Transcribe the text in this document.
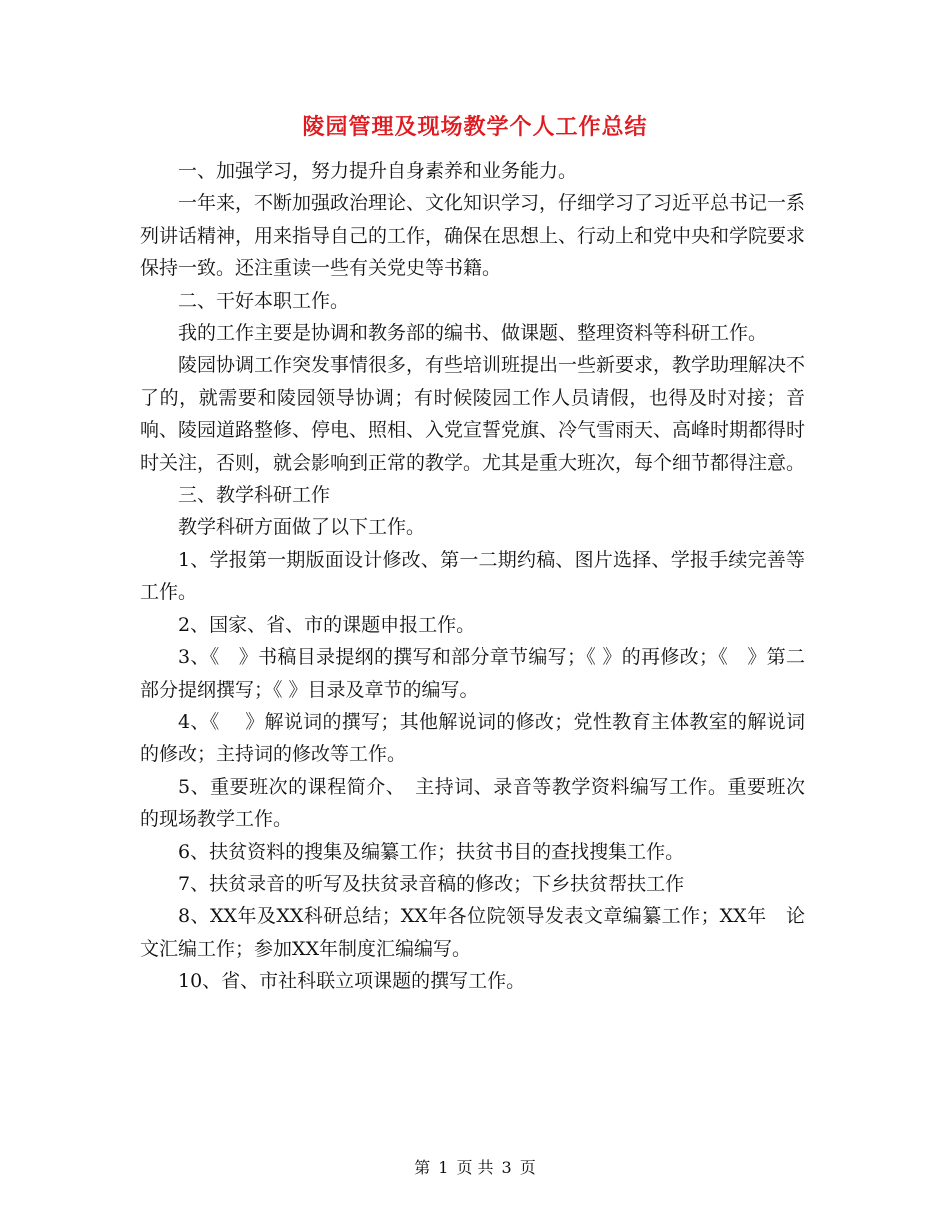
陵园管理及现场教学个人工作总结

一、加强学习，努力提升自身素养和业务能力。

一年来，不断加强政治理论、文化知识学习，仔细学习了习近平总书记一系列讲话精神，用来指导自己的工作，确保在思想上、行动上和党中央和学院要求保持一致。还注重读一些有关党史等书籍。

二、干好本职工作。

我的工作主要是协调和教务部的编书、做课题、整理资料等科研工作。

陵园协调工作突发事情很多，有些培训班提出一些新要求，教学助理解决不了的，就需要和陵园领导协调；有时候陵园工作人员请假，也得及时对接；音响、陵园道路整修、停电、照相、入党宣誓党旗、冷气雪雨天、高峰时期都得时时关注，否则，就会影响到正常的教学。尤其是重大班次，每个细节都得注意。

三、教学科研工作

教学科研方面做了以下工作。

1、学报第一期版面设计修改、第一二期约稿、图片选择、学报手续完善等工作。

2、国家、省、市的课题申报工作。

3、《　》书稿目录提纲的撰写和部分章节编写；《 》的再修改；《　》第二部分提纲撰写；《 》目录及章节的编写。

4、《　 》解说词的撰写；其他解说词的修改；党性教育主体教室的解说词的修改；主持词的修改等工作。

5、重要班次的课程简介、　主持词、录音等教学资料编写工作。重要班次的现场教学工作。

6、扶贫资料的搜集及编纂工作；扶贫书目的查找搜集工作。

7、扶贫录音的听写及扶贫录音稿的修改；下乡扶贫帮扶工作

8、XX年及XX科研总结；XX年各位院领导发表文章编纂工作；XX年　论文汇编工作；参加XX年制度汇编编写。

10、省、市社科联立项课题的撰写工作。

第 1 页 共 3 页
